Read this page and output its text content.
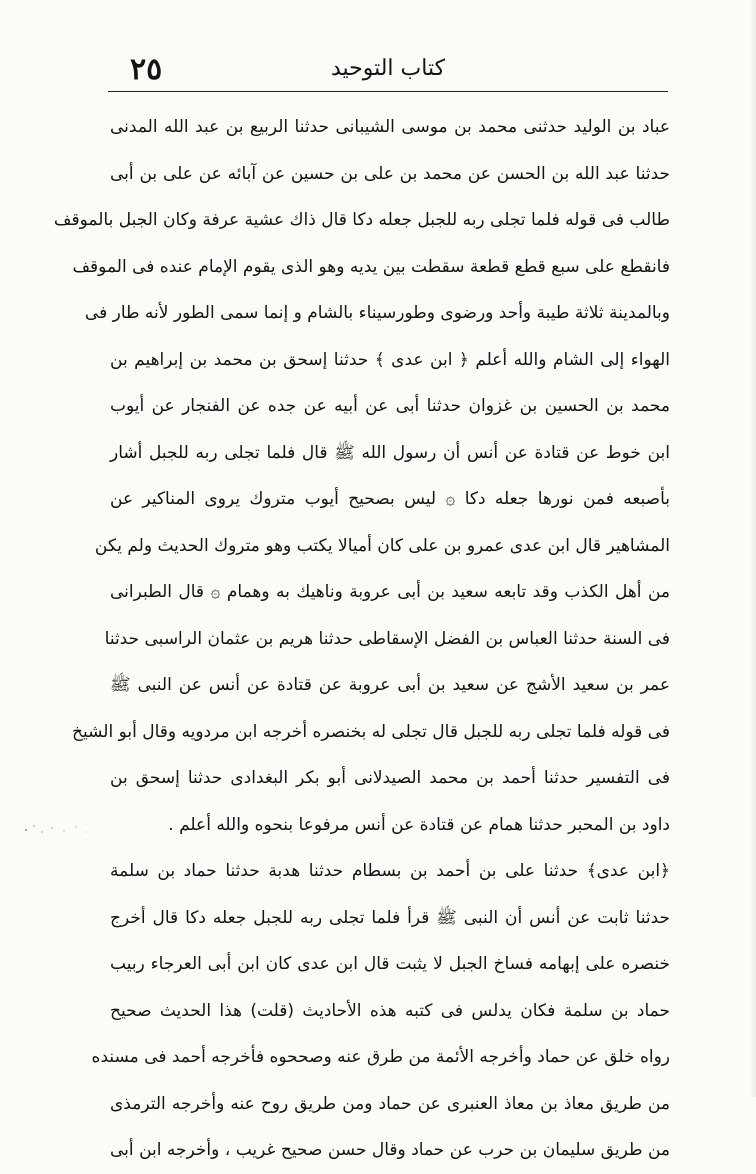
٢٥	كتاب التوحيد
عباد بن الوليد حدثنى محمد بن موسى الشيبانى حدثنا الربيع بن عبد الله المدنى
حدثنا عبد الله بن الحسن عن محمد بن على بن حسين عن آبائه عن على بن أبى
طالب فى قوله فلما تجلى ربه للجبل جعله دكا قال ذاك عشية عرفة وكان الجبل بالموقف
فانقطع على سبع قطع قطعة سقطت بين يديه وهو الذى يقوم الإمام عنده فى الموقف
وبالمدينة ثلاثة طيبة وأحد ورضوى وطورسيناء بالشام و إنما سمى الطور لأنه طار فى
الهواء إلى الشام والله أعلم ﴿ ابن عدى ﴾ حدثنا إسحق بن محمد بن إبراهيم بن
محمد بن الحسين بن غزوان حدثنا أبى عن أبيه عن جده عن الفنجار عن أيوب
ابن خوط عن قتادة عن أنس أن رسول الله ﷺ قال فلما تجلى ربه للجبل أشار
بأصبعه فمن نورها جعله دكا ۞ ليس بصحيح أيوب متروك يروى المناكير عن
المشاهير قال ابن عدى عمرو بن على كان أميالا يكتب وهو متروك الحديث ولم يكن
من أهل الكذب وقد تابعه سعيد بن أبى عروبة وناهيك به وهمام ۞ قال الطبرانى
فى السنة حدثنا العباس بن الفضل الإسقاطى حدثنا هريم بن عثمان الراسبى حدثنا
عمر بن سعيد الأشج عن سعيد بن أبى عروبة عن قتادة عن أنس عن النبى ﷺ
فى قوله فلما تجلى ربه للجبل قال تجلى له بخنصره أخرجه ابن مردويه وقال أبو الشيخ
فى التفسير حدثنا أحمد بن محمد الصيدلانى أبو بكر البغدادى حدثنا إسحق بن
داود بن المحبر حدثنا همام عن قتادة عن أنس مرفوعا بنحوه والله أعلم .
﴿ابن عدى﴾ حدثنا على بن أحمد بن بسطام حدثنا هدبة حدثنا حماد بن سلمة
حدثنا ثابت عن أنس أن النبى ﷺ قرأ فلما تجلى ربه للجبل جعله دكا قال أخرج
خنصره على إبهامه فساخ الجبل لا يثبت قال ابن عدى كان ابن أبى العرجاء ربيب
حماد بن سلمة فكان يدلس فى كتبه هذه الأحاديث (قلت) هذا الحديث صحيح
رواه خلق عن حماد وأخرجه الأئمة من طرق عنه وصححوه فأخرجه أحمد فى مسنده
من طريق معاذ بن معاذ العنبرى عن حماد ومن طريق روح عنه وأخرجه الترمذى
من طريق سليمان بن حرب عن حماد وقال حسن صحيح غريب ، وأخرجه ابن أبى
